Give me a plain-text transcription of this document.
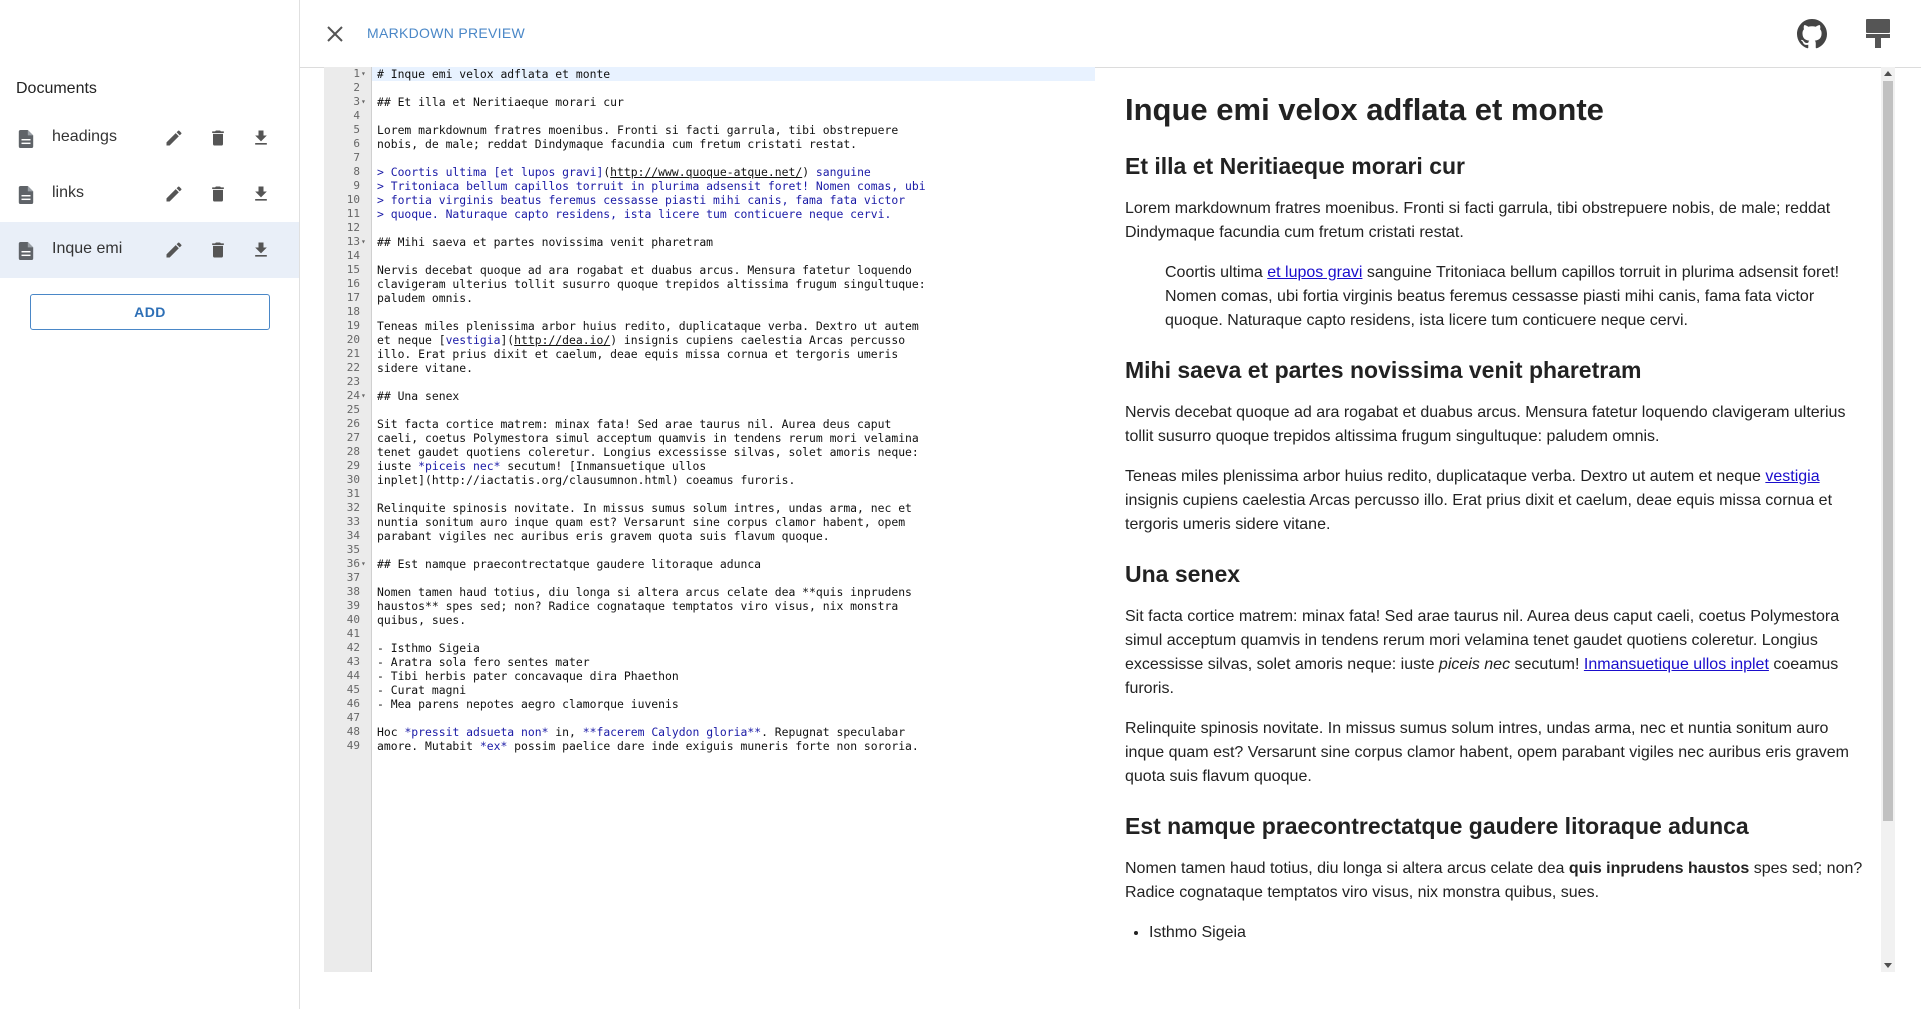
Documents
headings
links
Inque emi
ADD
MARKDOWN PREVIEW
1 ▾ # Inque emi velox adflata et monte
2
3 ▾ ## Et illa et Neritiaeque morari cur
4
5 Lorem markdownum fratres moenibus. Fronti si facti garrula, tibi obstrepuere
6 nobis, de male; reddat Dindymaque facundia cum fretum cristati restat.
7
8 > Coortis ultima [et lupos gravi](http://www.quoque-atque.net/) sanguine
9 > Tritoniaca bellum capillos torruit in plurima adsensit foret! Nomen comas, ubi
10 > fortia virginis beatus feremus cessasse piasti mihi canis, fama fata victor
11 > quoque. Naturaque capto residens, ista licere tum conticuere neque cervi.
12
13 ▾ ## Mihi saeva et partes novissima venit pharetram
14
15 Nervis decebat quoque ad ara rogabat et duabus arcus. Mensura fatetur loquendo
16 clavigeram ulterius tollit susurro quoque trepidos altissima frugum singultuque:
17 paludem omnis.
18
19 Teneas miles plenissima arbor huius redito, duplicataque verba. Dextro ut autem
20 et neque [vestigia](http://dea.io/) insignis cupiens caelestia Arcas percusso
21 illo. Erat prius dixit et caelum, deae equis missa cornua et tergoris umeris
22 sidere vitane.
23
24 ▾ ## Una senex
25
26 Sit facta cortice matrem: minax fata! Sed arae taurus nil. Aurea deus caput
27 caeli, coetus Polymestora simul acceptum quamvis in tendens rerum mori velamina
28 tenet gaudet quotiens coleretur. Longius excessisse silvas, solet amoris neque:
29 iuste *piceis nec* secutum! [Inmansuetique ullos
30 inplet](http://iactatis.org/clausumnon.html) coeamus furoris.
31
32 Relinquite spinosis novitate. In missus sumus solum intres, undas arma, nec et
33 nuntia sonitum auro inque quam est? Versarunt sine corpus clamor habent, opem
34 parabant vigiles nec auribus eris gravem quota suis flavum quoque.
35
36 ▾ ## Est namque praecontrectatque gaudere litoraque adunca
37
38 Nomen tamen haud totius, diu longa si altera arcus celate dea **quis inprudens
39 haustos** spes sed; non? Radice cognataque temptatos viro visus, nix monstra
40 quibus, sues.
41
42 - Isthmo Sigeia
43 - Aratra sola fero sentes mater
44 - Tibi herbis pater concavaque dira Phaethon
45 - Curat magni
46 - Mea parens nepotes aegro clamorque iuvenis
47
48 Hoc *pressit adsueta non* in, **facerem Calydon gloria**. Repugnat speculabar
49 amore. Mutabit *ex* possim paelice dare inde exiguis muneris forte non sororia.
Inque emi velox adflata et monte
Et illa et Neritiaeque morari cur

Lorem markdownum fratres moenibus. Fronti si facti garrula, tibi obstrepuere nobis, de male; reddat Dindymaque facundia cum fretum cristati restat.

Coortis ultima et lupos gravi sanguine Tritoniaca bellum capillos torruit in plurima adsensit foret! Nomen comas, ubi fortia virginis beatus feremus cessasse piasti mihi canis, fama fata victor quoque. Naturaque capto residens, ista licere tum conticuere neque cervi.
Mihi saeva et partes novissima venit pharetram

Nervis decebat quoque ad ara rogabat et duabus arcus. Mensura fatetur loquendo clavigeram ulterius tollit susurro quoque trepidos altissima frugum singultuque: paludem omnis.

Teneas miles plenissima arbor huius redito, duplicataque verba. Dextro ut autem et neque vestigia insignis cupiens caelestia Arcas percusso illo. Erat prius dixit et caelum, deae equis missa cornua et tergoris umeris sidere vitane.

Una senex

Sit facta cortice matrem: minax fata! Sed arae taurus nil. Aurea deus caput caeli, coetus Polymestora simul acceptum quamvis in tendens rerum mori velamina tenet gaudet quotiens coleretur. Longius excessisse silvas, solet amoris neque: iuste piceis nec secutum! Inmansuetique ullos inplet coeamus furoris.

Relinquite spinosis novitate. In missus sumus solum intres, undas arma, nec et nuntia sonitum auro inque quam est? Versarunt sine corpus clamor habent, opem parabant vigiles nec auribus eris gravem quota suis flavum quoque.

Est namque praecontrectatque gaudere litoraque adunca

Nomen tamen haud totius, diu longa si altera arcus celate dea quis inprudens haustos spes sed; non? Radice cognataque temptatos viro visus, nix monstra quibus, sues.

• Isthmo Sigeia
